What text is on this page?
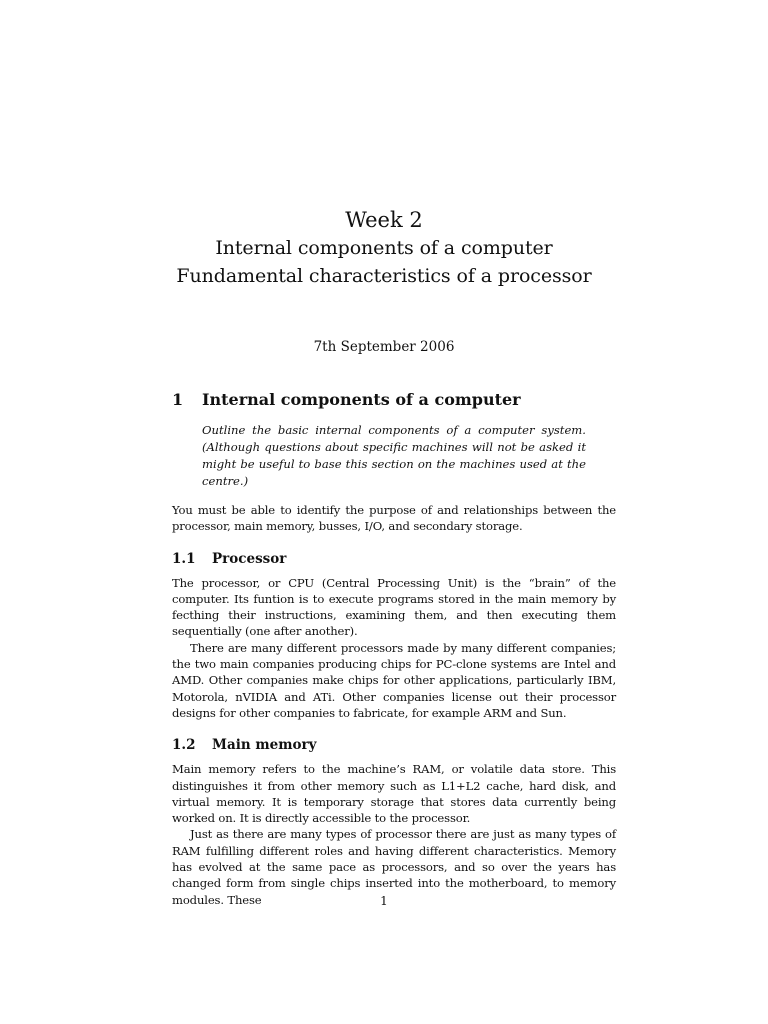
Week 2
Internal components of a computer
Fundamental characteristics of a processor
7th September 2006
1	Internal components of a computer
Outline the basic internal components of a computer system. (Although questions about specific machines will not be asked it might be useful to base this section on the machines used at the centre.)

You must be able to identify the purpose of and relationships between the processor, main memory, busses, I/O, and secondary storage.

1.1	Processor

The processor, or CPU (Central Processing Unit) is the “brain” of the computer. Its funtion is to execute programs stored in the main memory by fecthing their instructions, examining them, and then executing them sequentially (one after another).

There are many different processors made by many different companies; the two main companies producing chips for PC-clone systems are Intel and AMD. Other companies make chips for other applications, particularly IBM, Motorola, nVIDIA and ATi. Other companies license out their processor designs for other companies to fabricate, for example ARM and Sun.

1.2	Main memory

Main memory refers to the machine’s RAM, or volatile data store. This distinguishes it from other memory such as L1+L2 cache, hard disk, and virtual memory. It is temporary storage that stores data currently being worked on. It is directly accessible to the processor.

Just as there are many types of processor there are just as many types of RAM fulfilling different roles and having different characteristics. Memory has evolved at the same pace as processors, and so over the years has changed form from single chips inserted into the motherboard, to memory modules. These	1
